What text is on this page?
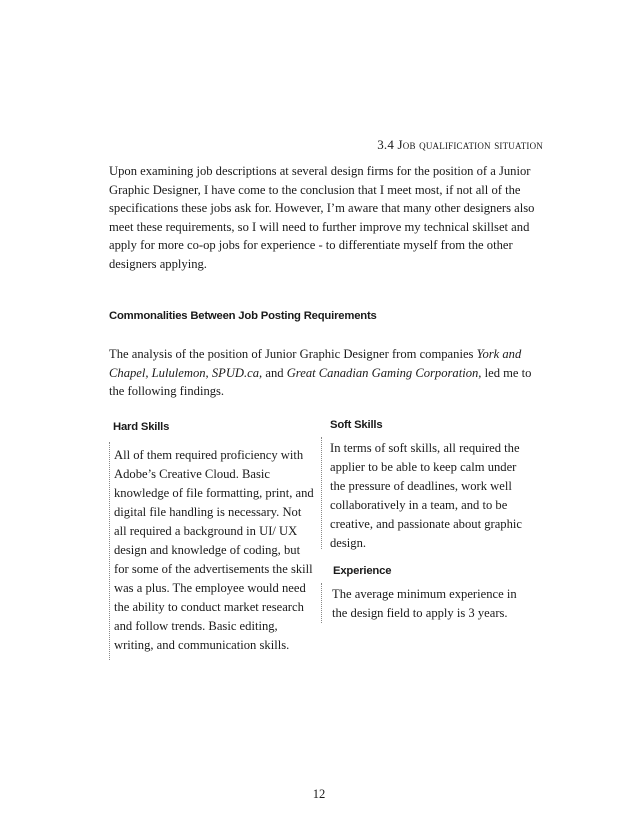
3.4 Job qualification situation
Upon examining job descriptions at several design firms for the position of a Junior Graphic Designer, I have come to the conclusion that I meet most, if not all of the specifications these jobs ask for. However, I’m aware that many other designers also meet these requirements, so I will need to further improve my technical skillset and apply for more co-op jobs for experience - to differentiate myself from the other designers applying.
Commonalities Between Job Posting Requirements
The analysis of the position of Junior Graphic Designer from companies York and Chapel, Lululemon, SPUD.ca, and Great Canadian Gaming Corporation, led me to the following findings.
Hard Skills
All of them required proficiency with Adobe’s Creative Cloud. Basic knowledge of file formatting, print, and digital file handling is necessary. Not all required a background in UI/ UX design and knowledge of coding, but for some of the advertisements the skill was a plus. The employee would need the ability to conduct market research and follow trends. Basic editing, writing, and communication skills.
Soft Skills
In terms of soft skills, all required the applier to be able to keep calm under the pressure of deadlines, work well collaboratively in a team, and to be creative, and passionate about graphic design.
Experience
The average minimum experience in the design field to apply is 3 years.
12
